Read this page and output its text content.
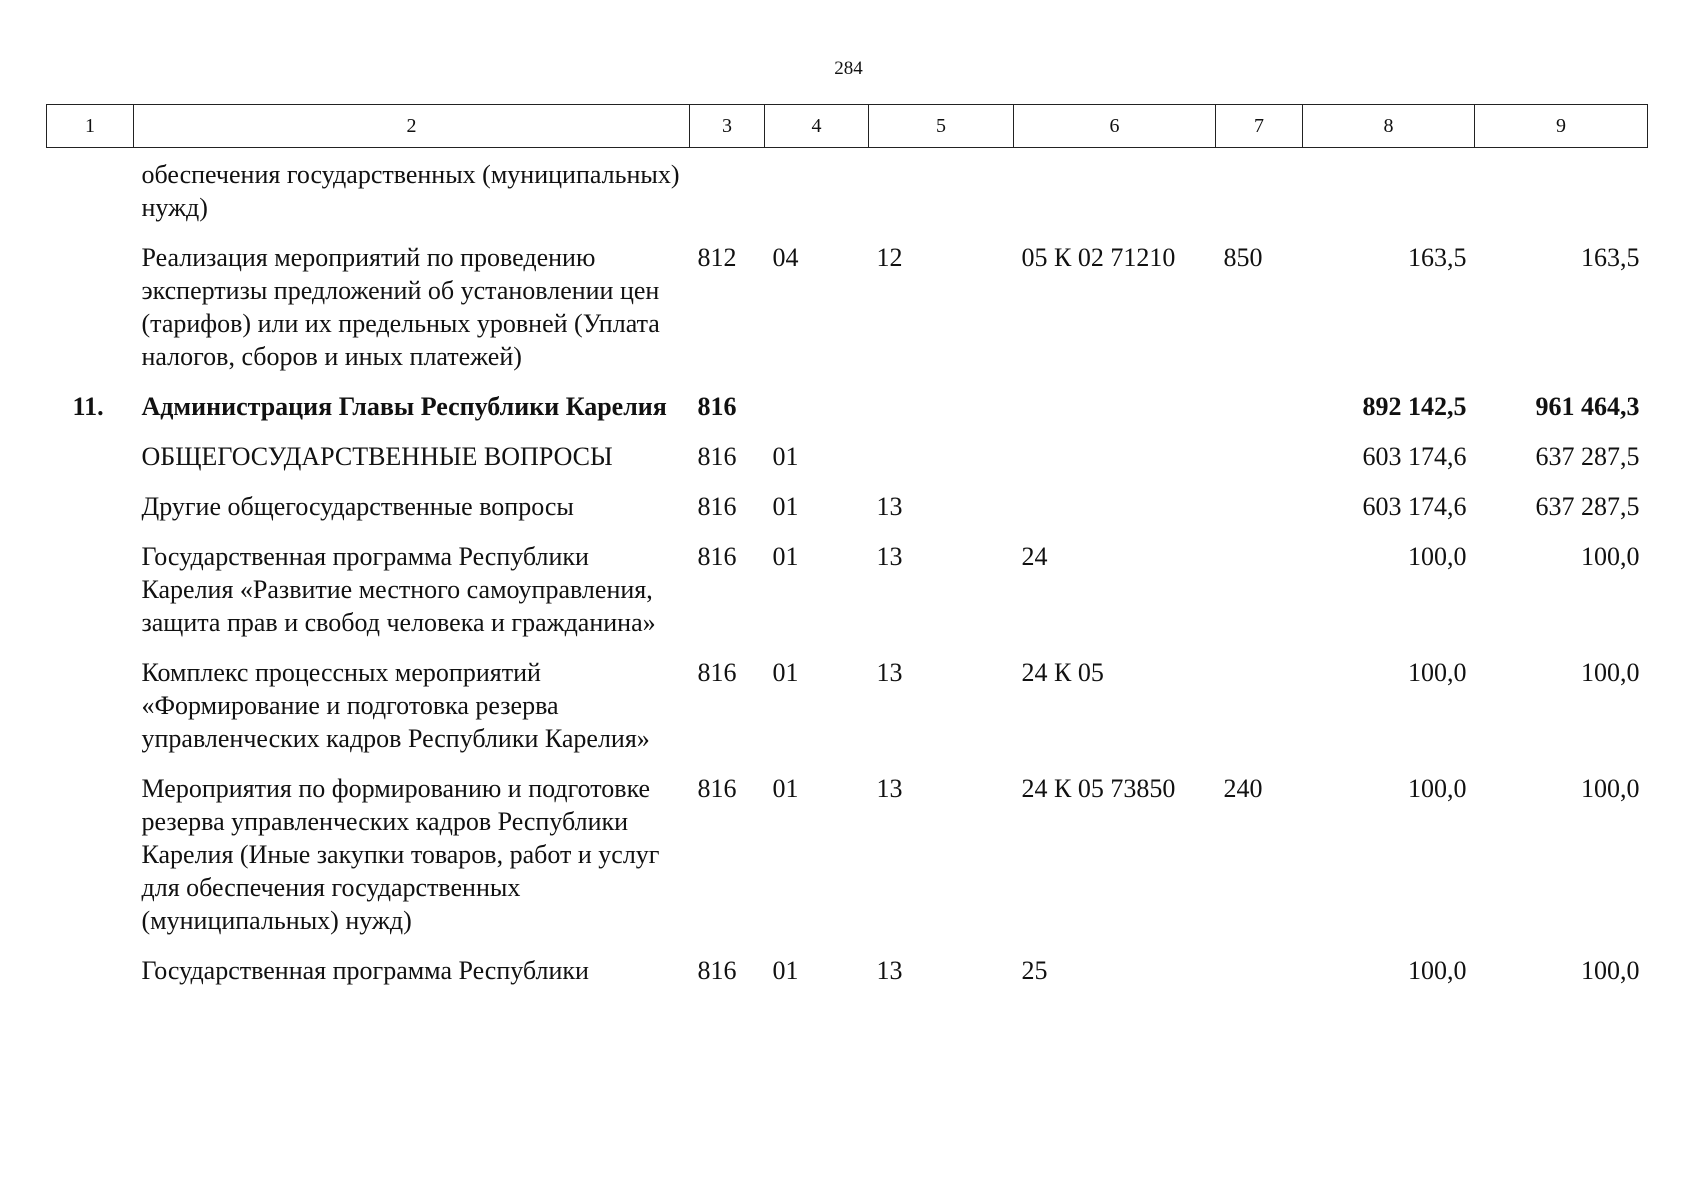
284
1	2	3	4	5	6	7	8	9
	обеспечения государственных (муниципальных) нужд)							
	Реализация мероприятий по проведению экспертизы предложений об установлении цен (тарифов) или их предельных уровней (Уплата налогов, сборов и иных платежей)	812	04	12	05 К 02 71210	850	163,5	163,5
11.	Администрация Главы Республики Карелия	816					892 142,5	961 464,3
	ОБЩЕГОСУДАРСТВЕННЫЕ ВОПРОСЫ	816	01				603 174,6	637 287,5
	Другие общегосударственные вопросы	816	01	13			603 174,6	637 287,5
	Государственная программа Республики Карелия «Развитие местного самоуправления, защита прав и свобод человека и гражданина»	816	01	13	24		100,0	100,0
	Комплекс процессных мероприятий «Формирование и подготовка резерва управленческих кадров Республики Карелия»	816	01	13	24 К 05		100,0	100,0
	Мероприятия по формированию и подготовке резерва управленческих кадров Республики Карелия (Иные закупки товаров, работ и услуг для обеспечения государственных (муниципальных) нужд)	816	01	13	24 К 05 73850	240	100,0	100,0
	Государственная программа Республики	816	01	13	25		100,0	100,0
